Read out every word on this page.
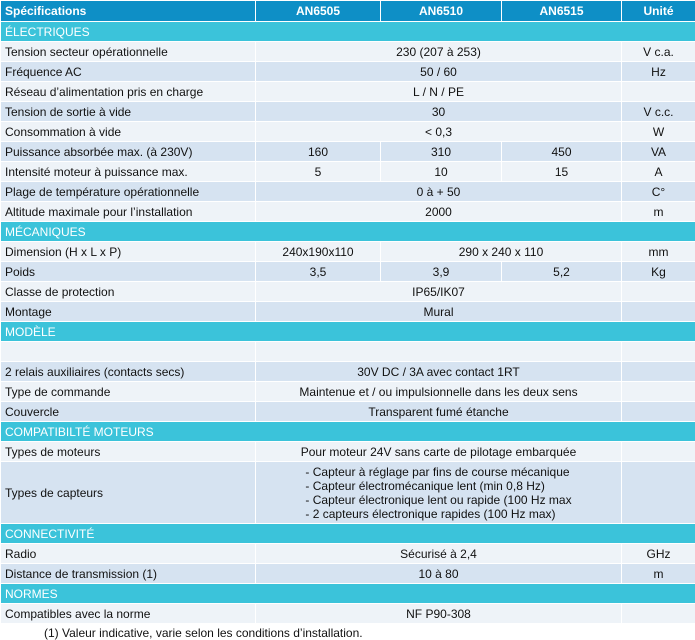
Spécifications	AN6505	AN6510	AN6515	Unité
ÉLECTRIQUES				
Tension secteur opérationnelle	230 (207 à 253)			V c.a.
Fréquence AC	50 / 60			Hz
Réseau d’alimentation pris en charge	L / N / PE			
Tension de sortie à vide	30			V c.c.
Consommation à vide	< 0,3			W
Puissance absorbée max. (à 230V)	160	310	450	VA
Intensité moteur à puissance max.	5	10	15	A
Plage de température opérationnelle	0 à + 50			C°
Altitude maximale pour l’installation	2000			m
MÉCANIQUES				
Dimension (H x L x P)	240x190x110	290 x 240 x 110		mm
Poids	3,5	3,9	5,2	Kg
Classe de protection	IP65/IK07			
Montage	Mural			
MODÈLE				

2 relais auxiliaires (contacts secs)	30V DC / 3A avec contact 1RT			
Type de commande	Maintenue et / ou impulsionnelle dans les deux sens			
Couvercle	Transparent fumé étanche			
COMPATIBILTÉ MOTEURS				
Types de moteurs	Pour moteur 24V sans carte de pilotage embarquée			
Types de capteurs	- Capteur à réglage par fins de course mécanique
- Capteur électromécanique lent (min 0,8 Hz)
- Capteur électronique lent ou rapide (100 Hz max
- 2 capteurs électronique rapides (100 Hz max)			

CONNECTIVITÉ				
Radio	Sécurisé à 2,4			GHz
Distance de transmission (1)	10 à 80			m
NORMES				
Compatibles avec la norme	NF P90-308			
(1) Valeur indicative, varie selon les conditions d’installation.
